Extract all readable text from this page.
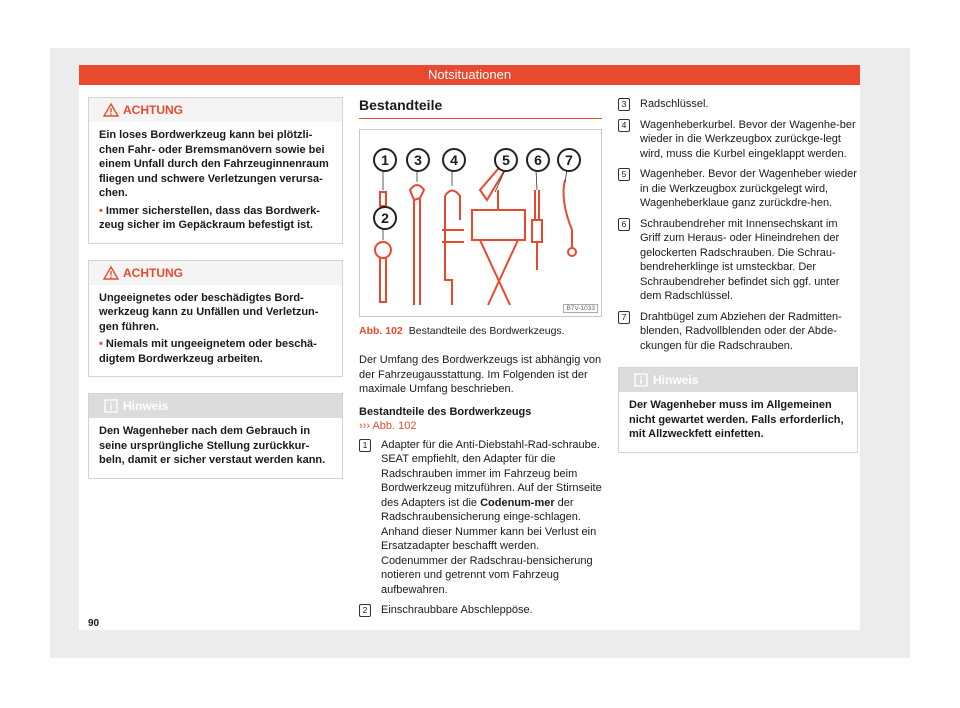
Notsituationen
ACHTUNG

Ein loses Bordwerkzeug kann bei plötzli-chen Fahr- oder Bremsmanövern sowie bei einem Unfall durch den Fahrzeuginnenraum fliegen und schwere Verletzungen verursa-chen.

• Immer sicherstellen, dass das Bordwerk-zeug sicher im Gepäckraum befestigt ist.

ACHTUNG

Ungeeignetes oder beschädigtes Bord-werkzeug kann zu Unfällen und Verletzun-gen führen.

• Niemals mit ungeeignetem oder beschä-digtem Bordwerkzeug arbeiten.

Hinweis

Den Wagenheber nach dem Gebrauch in seine ursprüngliche Stellung zurückkur-beln, damit er sicher verstaut werden kann.

Bestandteile
1
2
3	4	5	6	7
B7V-1033
Abb. 102 Bestandteile des Bordwerkzeugs.

Der Umfang des Bordwerkzeugs ist abhängig von der Fahrzeugausstattung. Im Folgenden ist der maximale Umfang beschrieben.

Bestandteile des Bordwerkzeugs
››› Abb. 102

1	Adapter für die Anti-Diebstahl-Rad-schraube. SEAT empfiehlt, den Adapter für die Radschrauben immer im Fahrzeug beim Bordwerkzeug mitzuführen. Auf der Stirnseite des Adapters ist die Codenum-mer der Radschraubensicherung einge-schlagen. Anhand dieser Nummer kann bei Verlust ein Ersatzadapter beschafft werden. Codenummer der Radschrau-bensicherung notieren und getrennt vom Fahrzeug aufbewahren.
2	Einschraubbare Abschleppöse.
3	Radschlüssel.
4	Wagenheberkurbel. Bevor der Wagenhe-ber wieder in die Werkzeugbox zurückge-legt wird, muss die Kurbel eingeklappt werden.
5	Wagenheber. Bevor der Wagenheber wieder in die Werkzeugbox zurückgelegt wird, Wagenheberklaue ganz zurückdre-hen.
6	Schraubendreher mit Innensechskant im Griff zum Heraus- oder Hineindrehen der gelockerten Radschrauben. Die Schrau-bendreherklinge ist umsteckbar. Der Schraubendreher befindet sich ggf. unter dem Radschlüssel.
7	Drahtbügel zum Abziehen der Radmitten-blenden, Radvollblenden oder der Abde-ckungen für die Radschrauben.
Hinweis

Der Wagenheber muss im Allgemeinen nicht gewartet werden. Falls erforderlich, mit Allzweckfett einfetten.

90
